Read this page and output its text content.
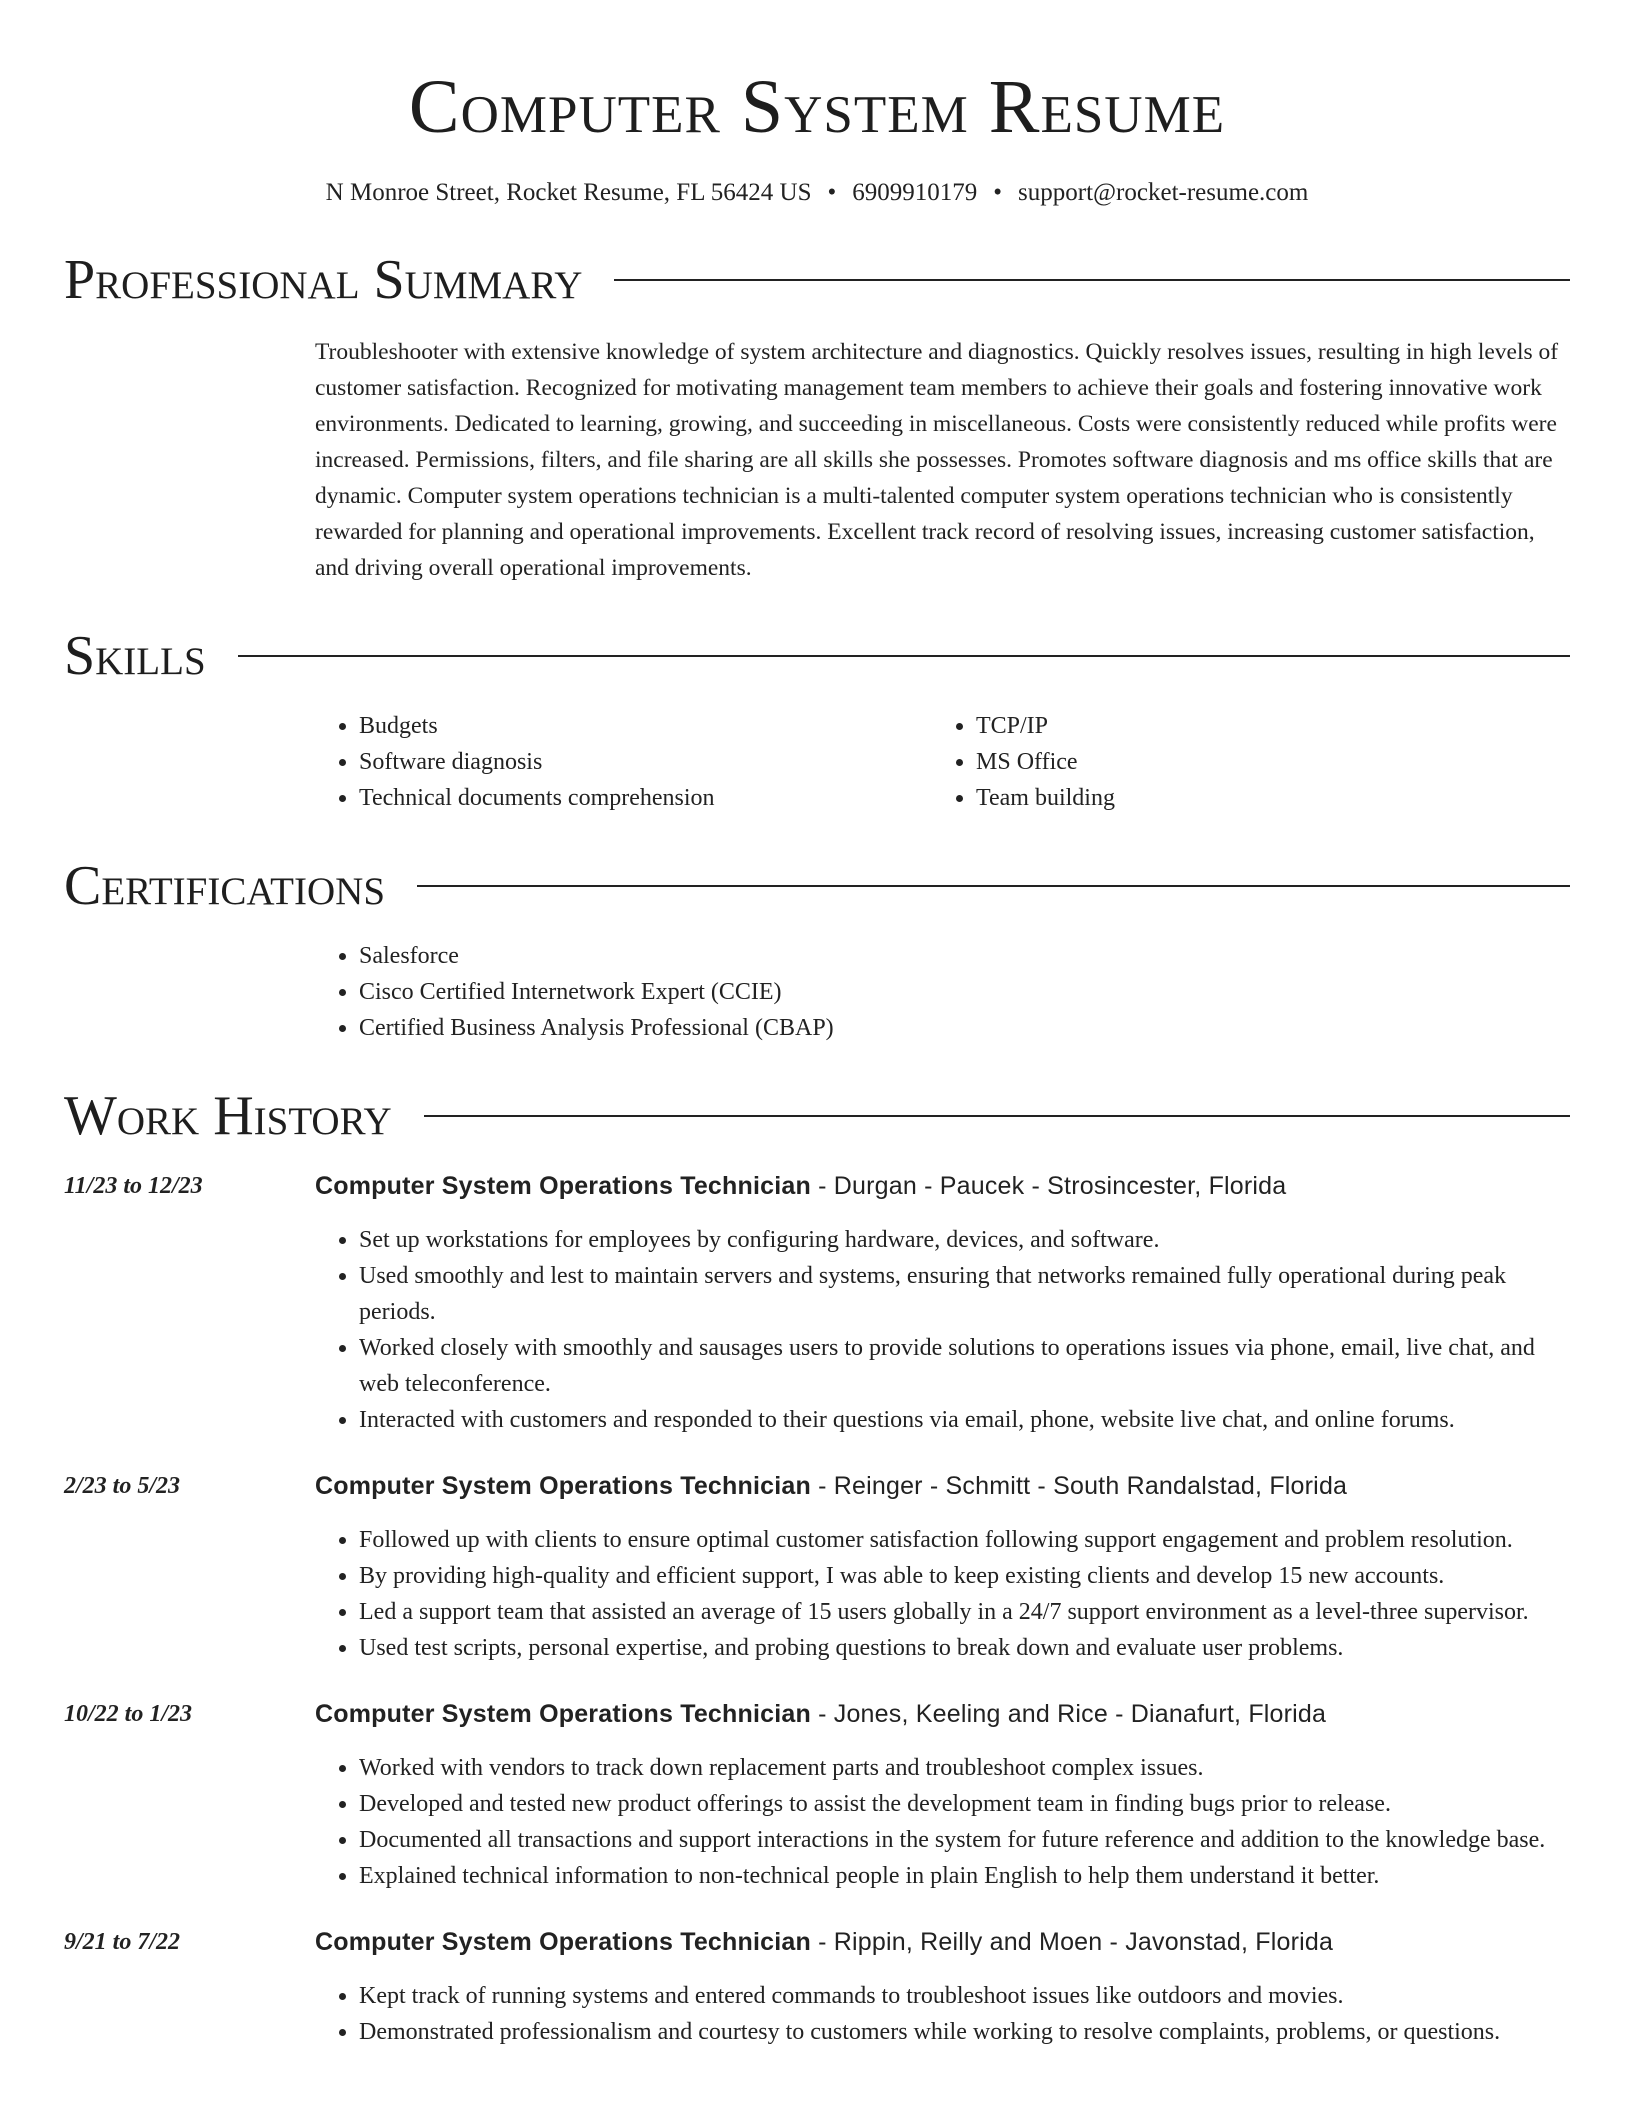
Computer System Resume
N Monroe Street, Rocket Resume, FL 56424 US • 6909910179 • support@rocket-resume.com
Professional Summary
Troubleshooter with extensive knowledge of system architecture and diagnostics. Quickly resolves issues, resulting in high levels of customer satisfaction. Recognized for motivating management team members to achieve their goals and fostering innovative work environments. Dedicated to learning, growing, and succeeding in miscellaneous. Costs were consistently reduced while profits were increased. Permissions, filters, and file sharing are all skills she possesses. Promotes software diagnosis and ms office skills that are dynamic. Computer system operations technician is a multi-talented computer system operations technician who is consistently rewarded for planning and operational improvements. Excellent track record of resolving issues, increasing customer satisfaction, and driving overall operational improvements.
Skills
• Budgets
• Software diagnosis
• Technical documents comprehension
• TCP/IP
• MS Office
• Team building
Certifications
• Salesforce
• Cisco Certified Internetwork Expert (CCIE)
• Certified Business Analysis Professional (CBAP)
Work History
11/23 to 12/23	Computer System Operations Technician - Durgan - Paucek - Strosincester, Florida
• Set up workstations for employees by configuring hardware, devices, and software.
• Used smoothly and lest to maintain servers and systems, ensuring that networks remained fully operational during peak periods.
• Worked closely with smoothly and sausages users to provide solutions to operations issues via phone, email, live chat, and web teleconference.
• Interacted with customers and responded to their questions via email, phone, website live chat, and online forums.
2/23 to 5/23	Computer System Operations Technician - Reinger - Schmitt - South Randalstad, Florida
• Followed up with clients to ensure optimal customer satisfaction following support engagement and problem resolution.
• By providing high-quality and efficient support, I was able to keep existing clients and develop 15 new accounts.
• Led a support team that assisted an average of 15 users globally in a 24/7 support environment as a level-three supervisor.
• Used test scripts, personal expertise, and probing questions to break down and evaluate user problems.
10/22 to 1/23	Computer System Operations Technician - Jones, Keeling and Rice - Dianafurt, Florida
• Worked with vendors to track down replacement parts and troubleshoot complex issues.
• Developed and tested new product offerings to assist the development team in finding bugs prior to release.
• Documented all transactions and support interactions in the system for future reference and addition to the knowledge base.
• Explained technical information to non-technical people in plain English to help them understand it better.
9/21 to 7/22	Computer System Operations Technician - Rippin, Reilly and Moen - Javonstad, Florida
• Kept track of running systems and entered commands to troubleshoot issues like outdoors and movies.
• Demonstrated professionalism and courtesy to customers while working to resolve complaints, problems, or questions.
